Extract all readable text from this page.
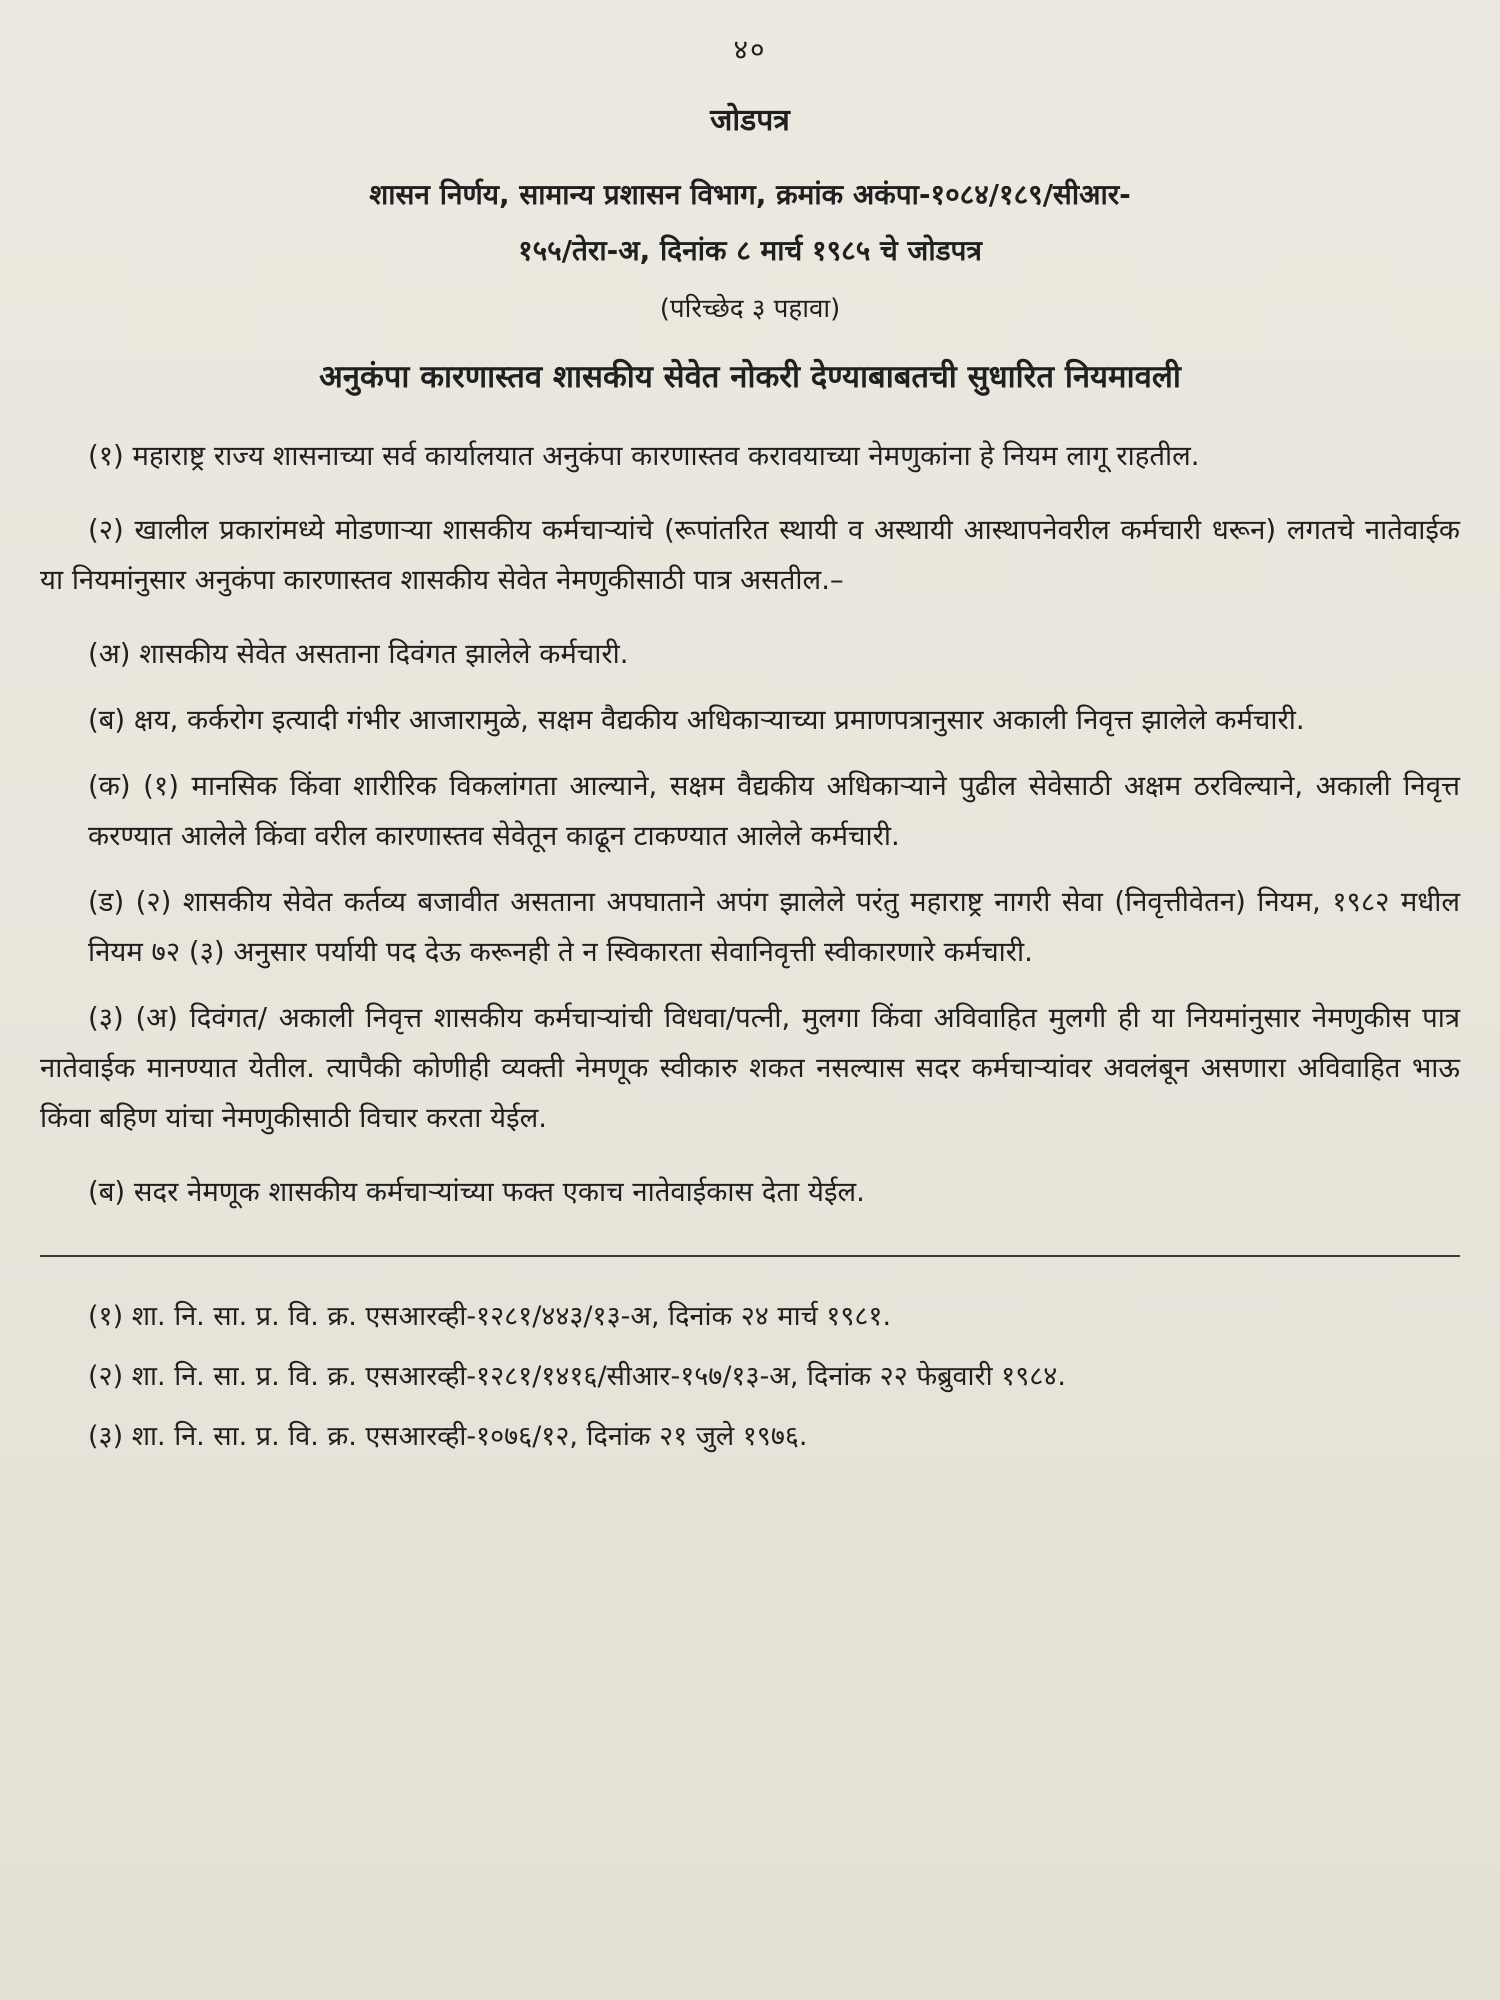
४०
जोडपत्र
शासन निर्णय, सामान्य प्रशासन विभाग, क्रमांक अकंपा-१०८४/१८९/सीआर-
१५५/तेरा-अ, दिनांक ८ मार्च १९८५ चे जोडपत्र
(परिच्छेद ३ पहावा)
अनुकंपा कारणास्तव शासकीय सेवेत नोकरी देण्याबाबतची सुधारित नियमावली

(१) महाराष्ट्र राज्य शासनाच्या सर्व कार्यालयात अनुकंपा कारणास्तव करावयाच्या नेमणुकांना हे नियम लागू राहतील.

(२) खालील प्रकारांमध्ये मोडणाऱ्या शासकीय कर्मचाऱ्यांचे (रूपांतरित स्थायी व अस्थायी आस्थापनेवरील कर्मचारी धरून) लगतचे नातेवाईक या नियमांनुसार अनुकंपा कारणास्तव शासकीय सेवेत नेमणुकीसाठी पात्र असतील.–

(अ) शासकीय सेवेत असताना दिवंगत झालेले कर्मचारी.

(ब) क्षय, कर्करोग इत्यादी गंभीर आजारामुळे, सक्षम वैद्यकीय अधिकाऱ्याच्या प्रमाणपत्रानुसार अकाली निवृत्त झालेले कर्मचारी.

(क) (१) मानसिक किंवा शारीरिक विकलांगता आल्याने, सक्षम वैद्यकीय अधिकाऱ्याने पुढील सेवेसाठी अक्षम ठरविल्याने, अकाली निवृत्त करण्यात आलेले किंवा वरील कारणास्तव सेवेतून काढून टाकण्यात आलेले कर्मचारी.

(ड) (२) शासकीय सेवेत कर्तव्य बजावीत असताना अपघाताने अपंग झालेले परंतु महाराष्ट्र नागरी सेवा (निवृत्तीवेतन) नियम, १९८२ मधील नियम ७२ (३) अनुसार पर्यायी पद देऊ करूनही ते न स्विकारता सेवानिवृत्ती स्वीकारणारे कर्मचारी.

(३) (अ) दिवंगत/ अकाली निवृत्त शासकीय कर्मचाऱ्यांची विधवा/पत्नी, मुलगा किंवा अविवाहित मुलगी ही या नियमांनुसार नेमणुकीस पात्र नातेवाईक मानण्यात येतील. त्यापैकी कोणीही व्यक्ती नेमणूक स्वीकारु शकत नसल्यास सदर कर्मचाऱ्यांवर अवलंबून असणारा अविवाहित भाऊ किंवा बहिण यांचा नेमणुकीसाठी विचार करता येईल.

(ब) सदर नेमणूक शासकीय कर्मचाऱ्यांच्या फक्त एकाच नातेवाईकास देता येईल.

(१) शा. नि. सा. प्र. वि. क्र. एसआरव्ही-१२८१/४४३/१३-अ, दिनांक २४ मार्च १९८१.

(२) शा. नि. सा. प्र. वि. क्र. एसआरव्ही-१२८१/१४१६/सीआर-१५७/१३-अ, दिनांक २२ फेब्रुवारी १९८४.

(३) शा. नि. सा. प्र. वि. क्र. एसआरव्ही-१०७६/१२, दिनांक २१ जुले १९७६.
